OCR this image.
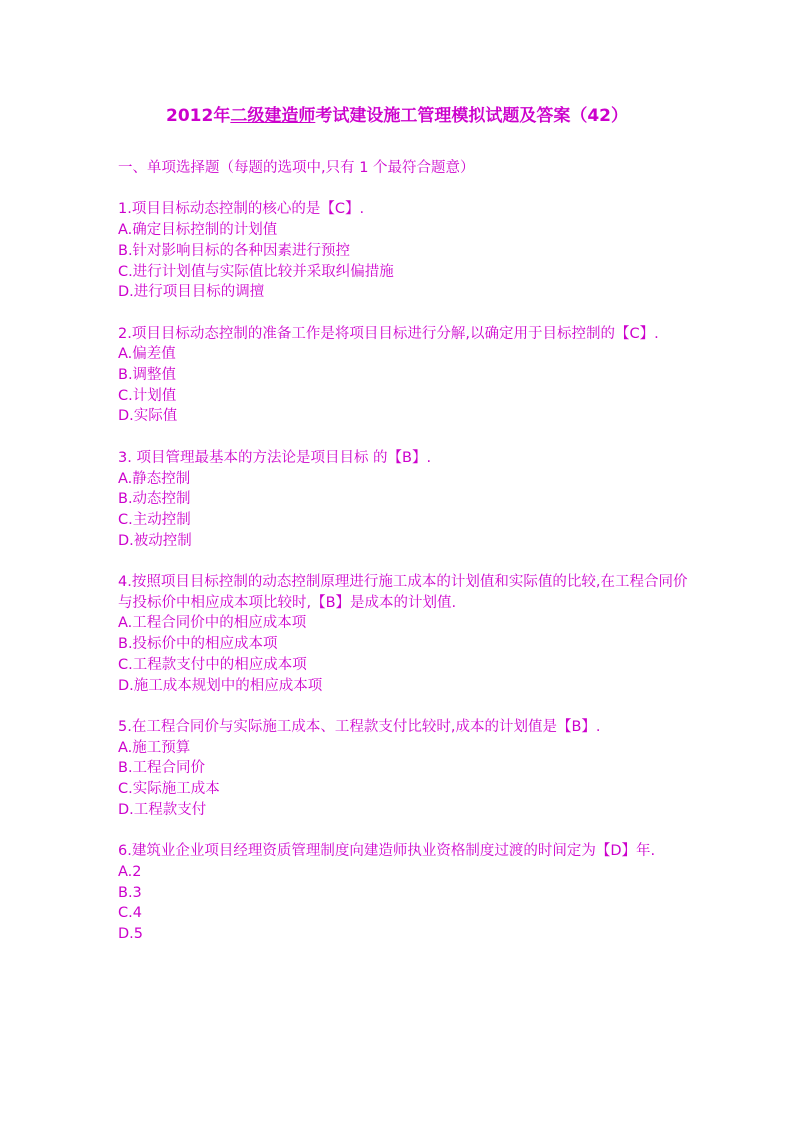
2012年二级建造师考试建设施工管理模拟试题及答案（42）

一、单项选择题（每题的选项中,只有 1 个最符合题意）

1.项目目标动态控制的核心的是【C】.

A.确定目标控制的计划值

B.针对影响目标的各种因素进行预控

C.进行计划值与实际值比较并采取纠偏措施

D.进行项目目标的调擅

2.项目目标动态控制的准备工作是将项目目标进行分解,以确定用于目标控制的【C】.

A.偏差值

B.调整值

C.计划值

D.实际值

3. 项目管理最基本的方法论是项目目标 的【B】.

A.静态控制

B.动态控制

C.主动控制

D.被动控制

4.按照项目目标控制的动态控制原理进行施工成本的计划值和实际值的比较,在工程合同价与投标价中相应成本项比较时,【B】是成本的计划值.

A.工程合同价中的相应成本项

B.投标价中的相应成本项

C.工程款支付中的相应成本项

D.施工成本规划中的相应成本项

5.在工程合同价与实际施工成本、工程款支付比较时,成本的计划值是【B】.

A.施工预算

B.工程合同价

C.实际施工成本

D.工程款支付

6.建筑业企业项目经理资质管理制度向建造师执业资格制度过渡的时间定为【D】年.

A.2

B.3

C.4

D.5
